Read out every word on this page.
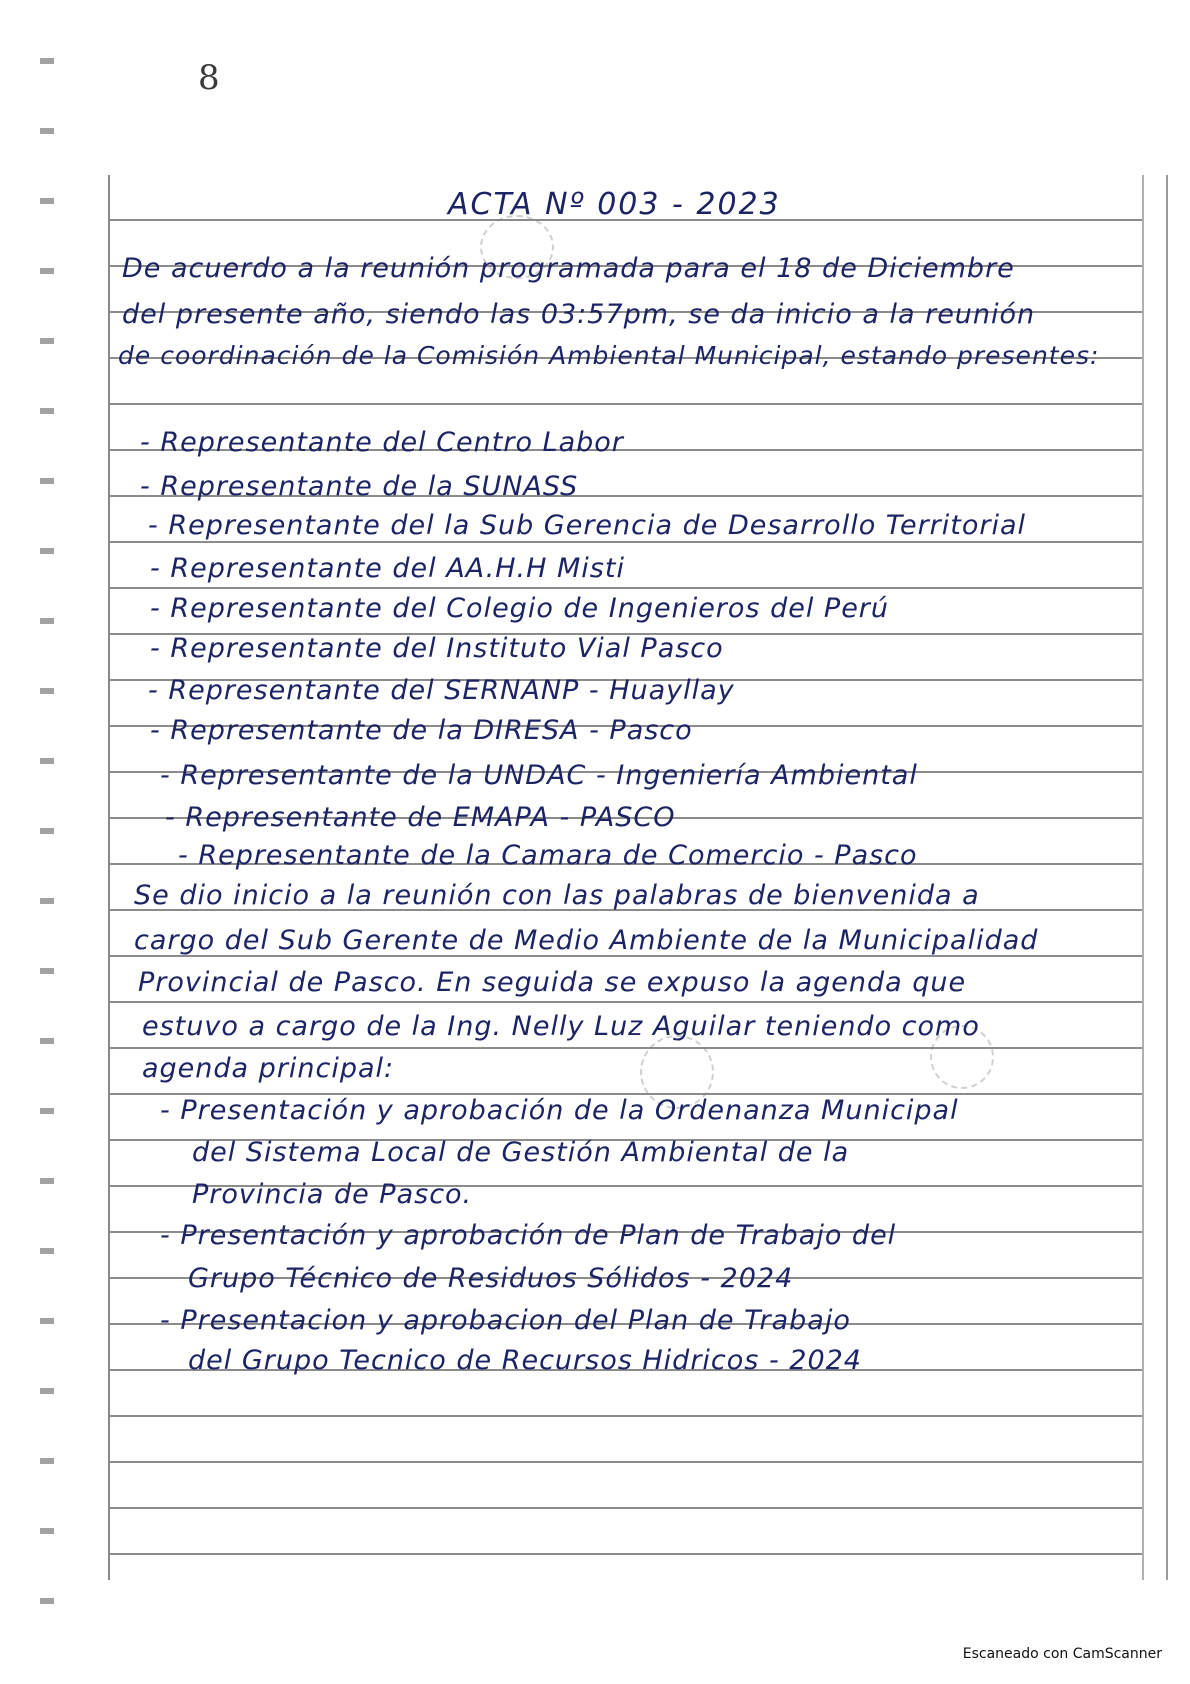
8
ACTA Nº 003 - 2023
De acuerdo a la reunión programada para el 18 de Diciembre
del presente año, siendo las 03:57pm, se da inicio a la reunión
de coordinación de la Comisión Ambiental Municipal, estando presentes:
- Representante del Centro Labor
- Representante de la SUNASS
- Representante del la Sub Gerencia de Desarrollo Territorial
- Representante del AA.H.H Misti
- Representante del Colegio de Ingenieros del Perú
- Representante del Instituto Vial Pasco
- Representante del SERNANP - Huayllay
- Representante de la DIRESA - Pasco
- Representante de la UNDAC - Ingeniería Ambiental
- Representante de EMAPA - PASCO
- Representante de la Camara de Comercio - Pasco
Se dio inicio a la reunión con las palabras de bienvenida a
cargo del Sub Gerente de Medio Ambiente de la Municipalidad
Provincial de Pasco. En seguida se expuso la agenda que
estuvo a cargo de la Ing. Nelly Luz Aguilar teniendo como
agenda principal:
- Presentación y aprobación de la Ordenanza Municipal
del Sistema Local de Gestión Ambiental de la
Provincia de Pasco.
- Presentación y aprobación de Plan de Trabajo del
Grupo Técnico de Residuos Sólidos - 2024
- Presentacion y aprobacion del Plan de Trabajo
del Grupo Tecnico de Recursos Hidricos - 2024
Escaneado con CamScanner
